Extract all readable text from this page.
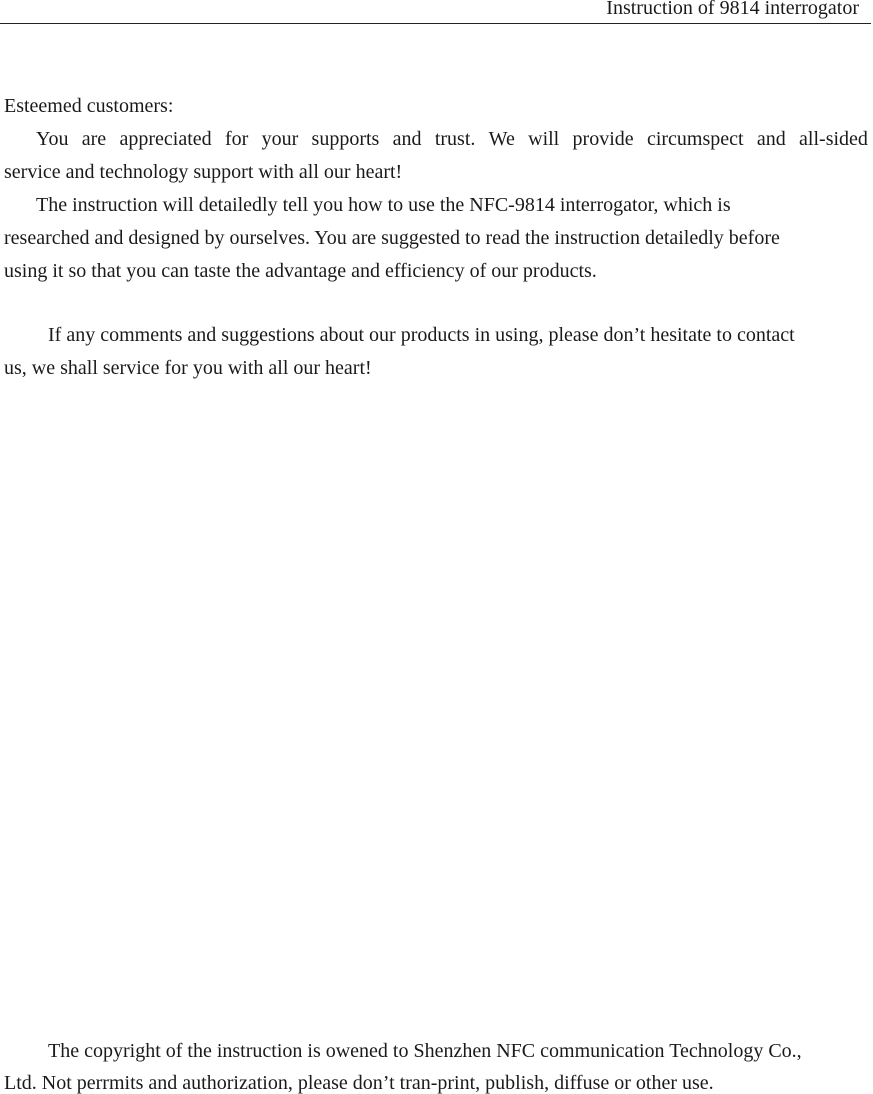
Instruction of 9814 interrogator
Esteemed customers:
You are appreciated for your supports and trust. We will provide circumspect and all-sided
service and technology support with all our heart!
The instruction will detailedly tell you how to use the NFC-9814 interrogator, which is
researched and designed by ourselves. You are suggested to read the instruction detailedly before
using it so that you can taste the advantage and efficiency of our products.
If any comments and suggestions about our products in using, please don’t hesitate to contact
us, we shall service for you with all our heart!
The copyright of the instruction is owened to Shenzhen NFC communication Technology Co.,
Ltd. Not perrmits and authorization, please don’t tran-print, publish, diffuse or other use.
